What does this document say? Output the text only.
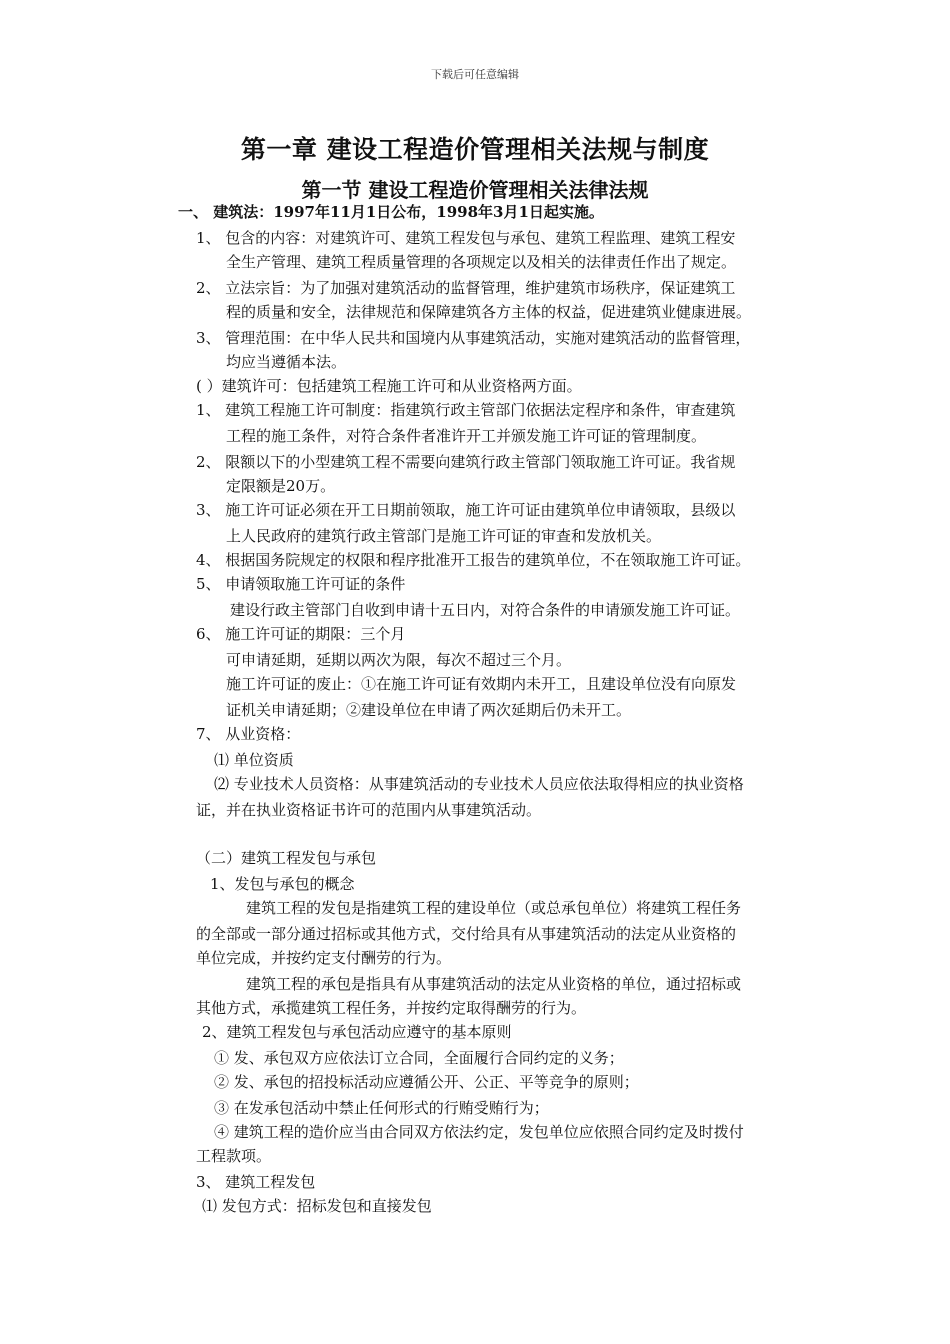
下载后可任意编辑
第一章 建设工程造价管理相关法规与制度
第一节 建设工程造价管理相关法律法规
一、 建筑法：1997年11月1日公布，1998年3月1日起实施。
1、 包含的内容：对建筑许可、建筑工程发包与承包、建筑工程监理、建筑工程安
全生产管理、建筑工程质量管理的各项规定以及相关的法律责任作出了规定。
2、 立法宗旨：为了加强对建筑活动的监督管理，维护建筑市场秩序，保证建筑工
程的质量和安全，法律规范和保障建筑各方主体的权益，促进建筑业健康进展。
3、 管理范围：在中华人民共和国境内从事建筑活动，实施对建筑活动的监督管理，
均应当遵循本法。
( ）建筑许可：包括建筑工程施工许可和从业资格两方面。
1、 建筑工程施工许可制度：指建筑行政主管部门依据法定程序和条件，审查建筑
工程的施工条件，对符合条件者准许开工并颁发施工许可证的管理制度。
2、 限额以下的小型建筑工程不需要向建筑行政主管部门领取施工许可证。我省规
定限额是20万。
3、 施工许可证必须在开工日期前领取，施工许可证由建筑单位申请领取，县级以
上人民政府的建筑行政主管部门是施工许可证的审查和发放机关。
4、 根据国务院规定的权限和程序批准开工报告的建筑单位，不在领取施工许可证。
5、 申请领取施工许可证的条件
建设行政主管部门自收到申请十五日内，对符合条件的申请颁发施工许可证。
6、 施工许可证的期限：三个月
可申请延期，延期以两次为限，每次不超过三个月。
施工许可证的废止：①在施工许可证有效期内未开工，且建设单位没有向原发
证机关申请延期；②建设单位在申请了两次延期后仍未开工。
7、 从业资格：
⑴ 单位资质
⑵ 专业技术人员资格：从事建筑活动的专业技术人员应依法取得相应的执业资格
证，并在执业资格证书许可的范围内从事建筑活动。
（二）建筑工程发包与承包
1、发包与承包的概念
建筑工程的发包是指建筑工程的建设单位（或总承包单位）将建筑工程任务
的全部或一部分通过招标或其他方式，交付给具有从事建筑活动的法定从业资格的
单位完成，并按约定支付酬劳的行为。
建筑工程的承包是指具有从事建筑活动的法定从业资格的单位，通过招标或
其他方式，承揽建筑工程任务，并按约定取得酬劳的行为。
2、建筑工程发包与承包活动应遵守的基本原则
① 发、承包双方应依法订立合同，全面履行合同约定的义务；
② 发、承包的招投标活动应遵循公开、公正、平等竞争的原则；
③ 在发承包活动中禁止任何形式的行贿受贿行为；
④ 建筑工程的造价应当由合同双方依法约定，发包单位应依照合同约定及时拨付
工程款项。
3、 建筑工程发包
⑴ 发包方式：招标发包和直接发包
